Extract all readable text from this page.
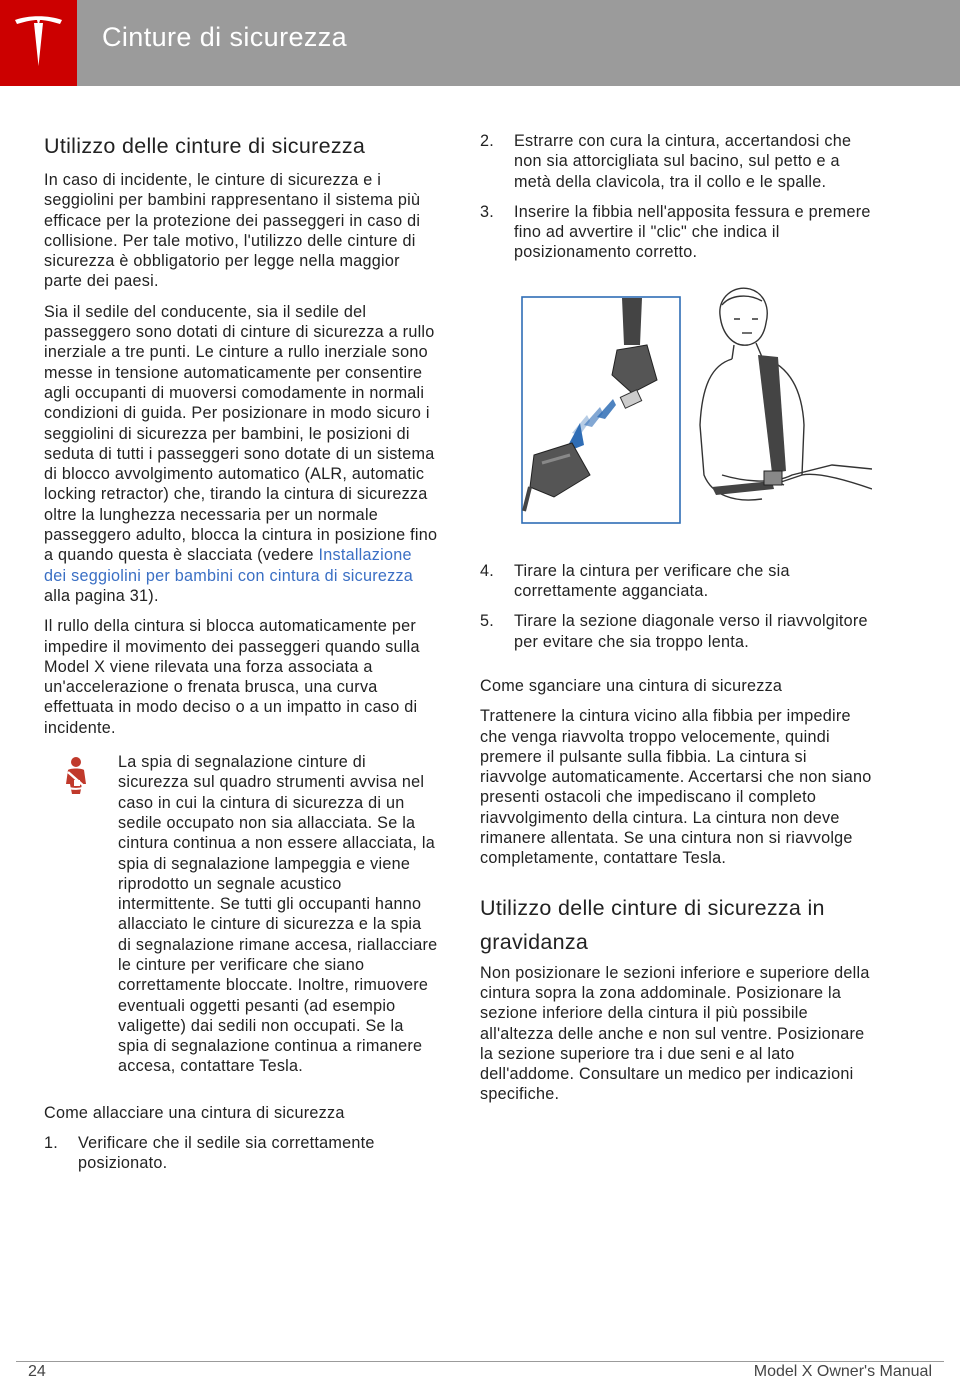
Cinture di sicurezza
Utilizzo delle cinture di sicurezza

In caso di incidente, le cinture di sicurezza e i seggiolini per bambini rappresentano il sistema più efficace per la protezione dei passeggeri in caso di collisione. Per tale motivo, l'utilizzo delle cinture di sicurezza è obbligatorio per legge nella maggior parte dei paesi.

Sia il sedile del conducente, sia il sedile del passeggero sono dotati di cinture di sicurezza a rullo inerziale a tre punti. Le cinture a rullo inerziale sono messe in tensione automaticamente per consentire agli occupanti di muoversi comodamente in normali condizioni di guida. Per posizionare in modo sicuro i seggiolini di sicurezza per bambini, le posizioni di seduta di tutti i passeggeri sono dotate di un sistema di blocco avvolgimento automatico (ALR, automatic locking retractor) che, tirando la cintura di sicurezza oltre la lunghezza necessaria per un normale passeggero adulto, blocca la cintura in posizione fino a quando questa è slacciata (vedere Installazione dei seggiolini per bambini con cintura di sicurezza alla pagina 31).

Il rullo della cintura si blocca automaticamente per impedire il movimento dei passeggeri quando sulla Model X viene rilevata una forza associata a un'accelerazione o frenata brusca, una curva effettuata in modo deciso o a un impatto in caso di incidente.

La spia di segnalazione cinture di sicurezza sul quadro strumenti avvisa nel caso in cui la cintura di sicurezza di un sedile occupato non sia allacciata. Se la cintura continua a non essere allacciata, la spia di segnalazione lampeggia e viene riprodotto un segnale acustico intermittente. Se tutti gli occupanti hanno allacciato le cinture di sicurezza e la spia di segnalazione rimane accesa, riallacciare le cinture per verificare che siano correttamente bloccate. Inoltre, rimuovere eventuali oggetti pesanti (ad esempio valigette) dai sedili non occupati. Se la spia di segnalazione continua a rimanere accesa, contattare Tesla.

Come allacciare una cintura di sicurezza

1. Verificare che il sedile sia correttamente posizionato.
2. Estrarre con cura la cintura, accertandosi che non sia attorcigliata sul bacino, sul petto e a metà della clavicola, tra il collo e le spalle.
3. Inserire la fibbia nell'apposita fessura e premere fino ad avvertire il "clic" che indica il posizionamento corretto.
4. Tirare la cintura per verificare che sia correttamente agganciata.
5. Tirare la sezione diagonale verso il riavvolgitore per evitare che sia troppo lenta.

Come sganciare una cintura di sicurezza

Trattenere la cintura vicino alla fibbia per impedire che venga riavvolta troppo velocemente, quindi premere il pulsante sulla fibbia. La cintura si riavvolge automaticamente. Accertarsi che non siano presenti ostacoli che impediscano il completo riavvolgimento della cintura. La cintura non deve rimanere allentata. Se una cintura non si riavvolge completamente, contattare Tesla.

Utilizzo delle cinture di sicurezza in gravidanza

Non posizionare le sezioni inferiore e superiore della cintura sopra la zona addominale. Posizionare la sezione inferiore della cintura il più possibile all'altezza delle anche e non sul ventre. Posizionare la sezione superiore tra i due seni e al lato dell'addome. Consultare un medico per indicazioni specifiche.

24	Model X Owner's Manual
